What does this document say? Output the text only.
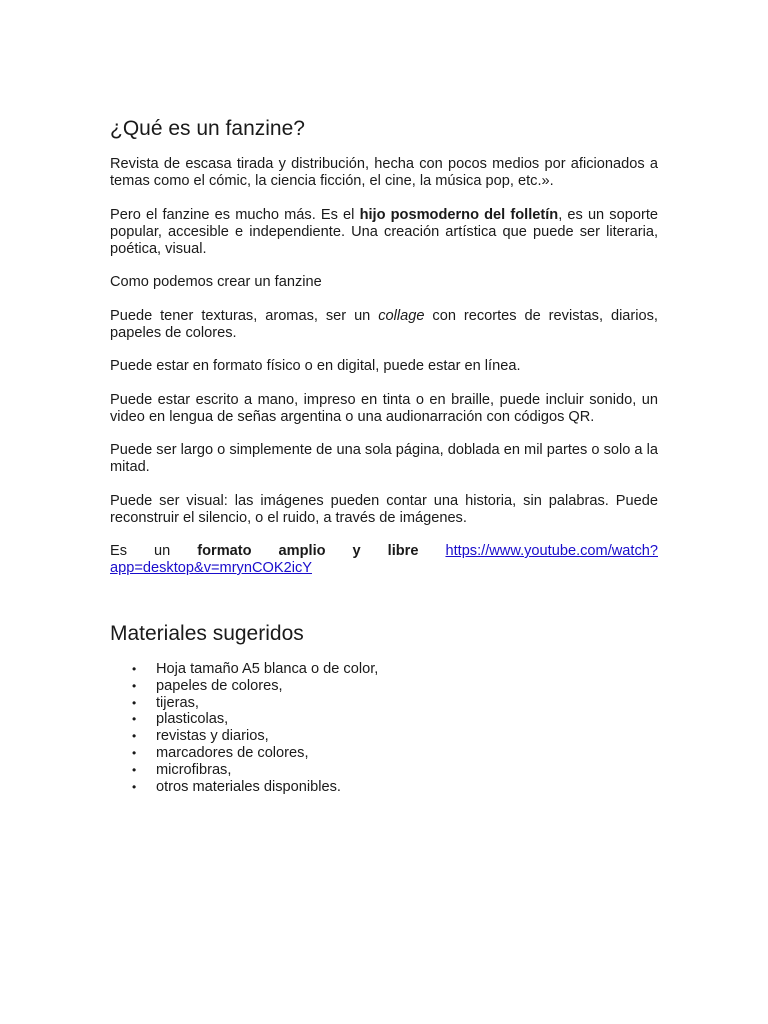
¿Qué es un fanzine?

Revista de escasa tirada y distribución, hecha con pocos medios por aficionados a temas como el cómic, la ciencia ficción, el cine, la música pop, etc.».

Pero el fanzine es mucho más. Es el hijo posmoderno del folletín, es un soporte popular, accesible e independiente. Una creación artística que puede ser literaria, poética, visual.

Como podemos crear un fanzine

Puede tener texturas, aromas, ser un collage con recortes de revistas, diarios, papeles de colores.

Puede estar en formato físico o en digital, puede estar en línea.

Puede estar escrito a mano, impreso en tinta o en braille, puede incluir sonido, un video en lengua de señas argentina o una audionarración con códigos QR.

Puede ser largo o simplemente de una sola página, doblada en mil partes o solo a la mitad.

Puede ser visual: las imágenes pueden contar una historia, sin palabras. Puede reconstruir el silencio, o el ruido, a través de imágenes.

Es un formato amplio y libre https://www.youtube.com/watch?app=desktop&v=mrynCOK2icY

Materiales sugeridos
• Hoja tamaño A5 blanca o de color,
• papeles de colores,
• tijeras,
• plasticolas,
• revistas y diarios,
• marcadores de colores,
• microfibras,
• otros materiales disponibles.
